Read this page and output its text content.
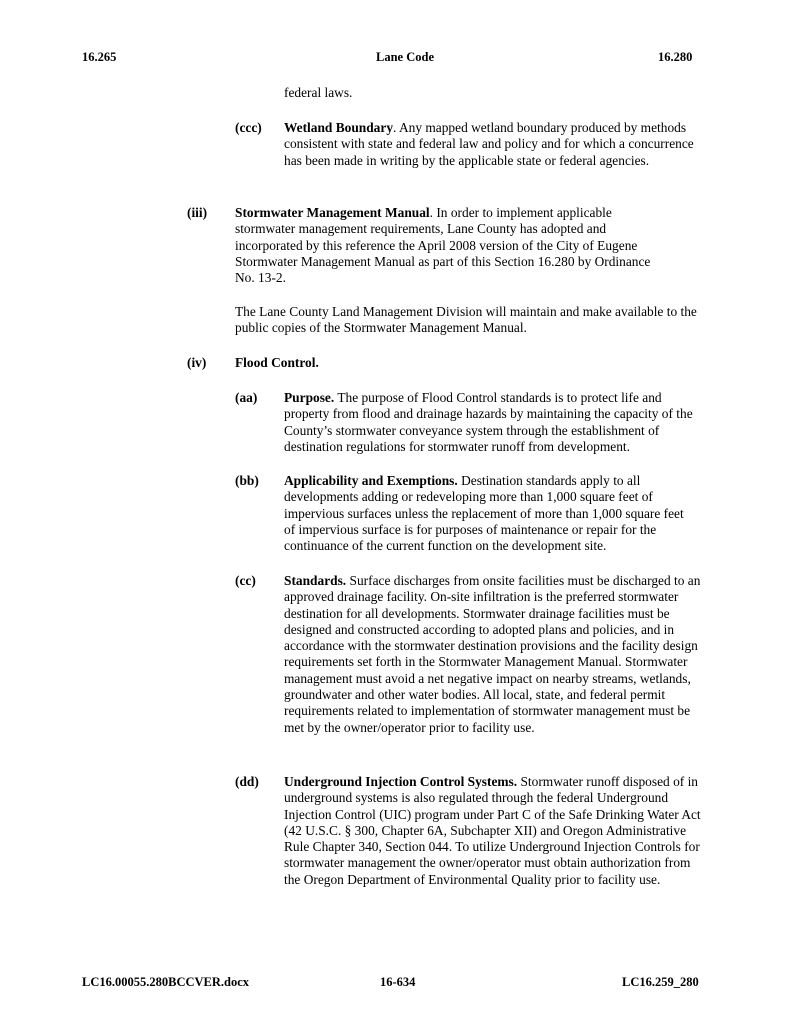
16.265	Lane Code	16.280
federal laws.
(ccc) Wetland Boundary. Any mapped wetland boundary produced by methods consistent with state and federal law and policy and for which a concurrence has been made in writing by the applicable state or federal agencies.
(iii) Stormwater Management Manual. In order to implement applicable stormwater management requirements, Lane County has adopted and incorporated by this reference the April 2008 version of the City of Eugene Stormwater Management Manual as part of this Section 16.280 by Ordinance No. 13-2.
The Lane County Land Management Division will maintain and make available to the public copies of the Stormwater Management Manual.
(iv) Flood Control.
(aa) Purpose. The purpose of Flood Control standards is to protect life and property from flood and drainage hazards by maintaining the capacity of the County’s stormwater conveyance system through the establishment of destination regulations for stormwater runoff from development.
(bb) Applicability and Exemptions. Destination standards apply to all developments adding or redeveloping more than 1,000 square feet of impervious surfaces unless the replacement of more than 1,000 square feet of impervious surface is for purposes of maintenance or repair for the continuance of the current function on the development site.
(cc) Standards. Surface discharges from onsite facilities must be discharged to an approved drainage facility. On-site infiltration is the preferred stormwater destination for all developments. Stormwater drainage facilities must be designed and constructed according to adopted plans and policies, and in accordance with the stormwater destination provisions and the facility design requirements set forth in the Stormwater Management Manual. Stormwater management must avoid a net negative impact on nearby streams, wetlands, groundwater and other water bodies. All local, state, and federal permit requirements related to implementation of stormwater management must be met by the owner/operator prior to facility use.
(dd) Underground Injection Control Systems. Stormwater runoff disposed of in underground systems is also regulated through the federal Underground Injection Control (UIC) program under Part C of the Safe Drinking Water Act (42 U.S.C. § 300, Chapter 6A, Subchapter XII) and Oregon Administrative Rule Chapter 340, Section 044. To utilize Underground Injection Controls for stormwater management the owner/operator must obtain authorization from the Oregon Department of Environmental Quality prior to facility use.
LC16.00055.280BCCVER.docx	16-634	LC16.259_280
